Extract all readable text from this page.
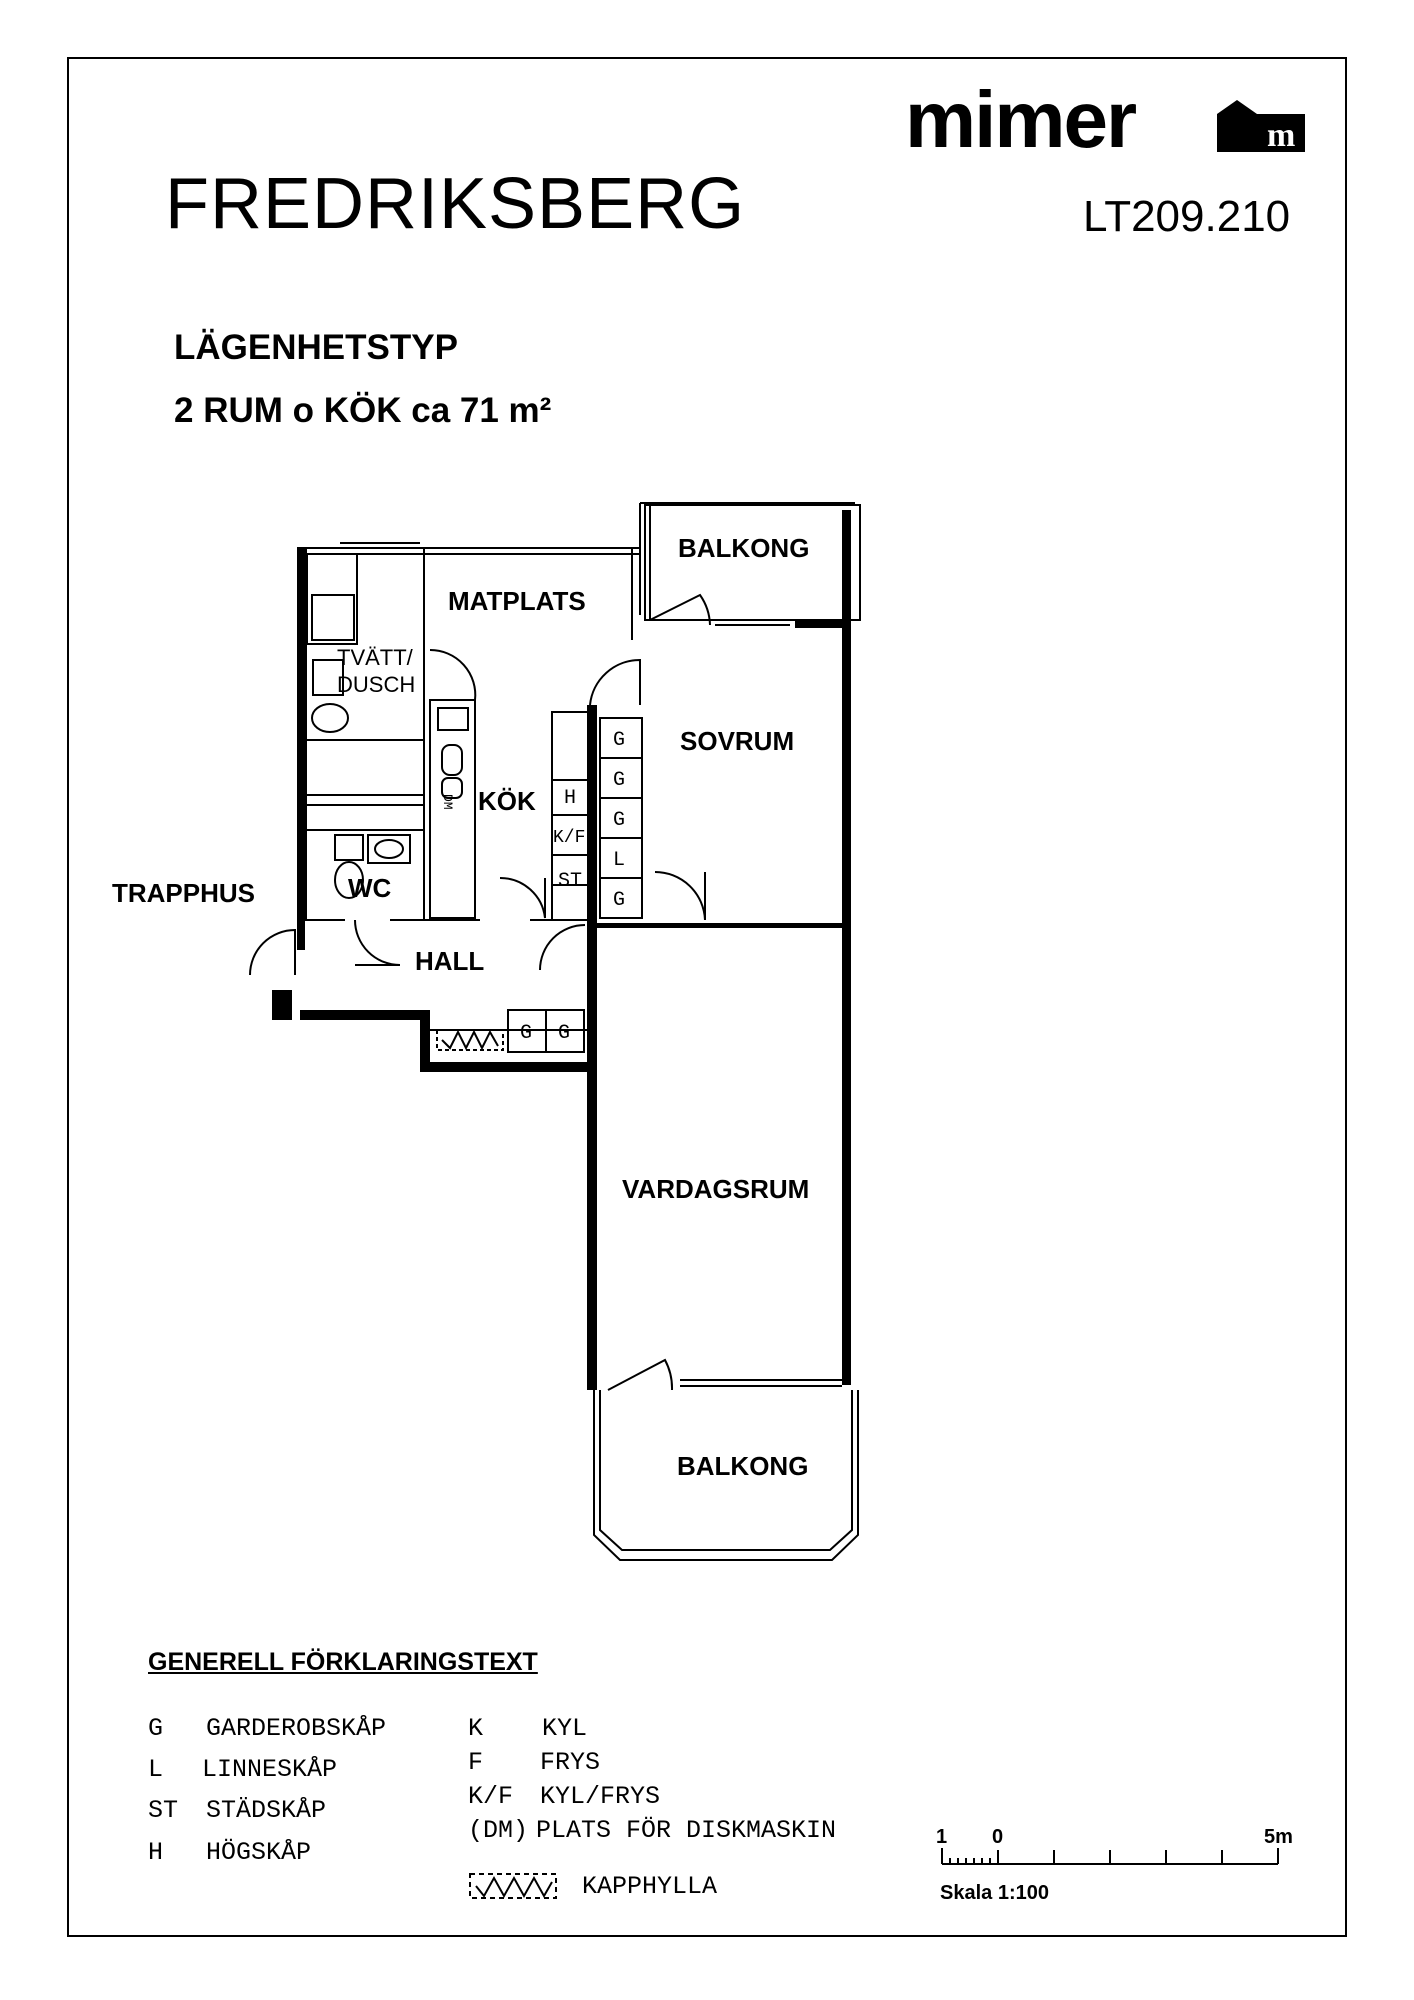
mimer	m
FREDRIKSBERG	LT209.210
LÄGENHETSTYP
2 RUM o KÖK ca 71 m²
BALKONG
MATPLATS
TVÄTT/
DUSCH
SOVRUM
KÖK
WC
TRAPPHUS
HALL
VARDAGSRUM
BALKONG
G
G
G
L
G
H
K/F
ST
G G
DM
GENERELL FÖRKLARINGSTEXT
G GARDEROBSKÅP
L LINNESKÅP
ST STÄDSKÅP
H HÖGSKÅP
K KYL
F FRYS
K/F KYL/FRYS
(DM) PLATS FÖR DISKMASKIN
KAPPHYLLA
1 0	5m
Skala 1:100
